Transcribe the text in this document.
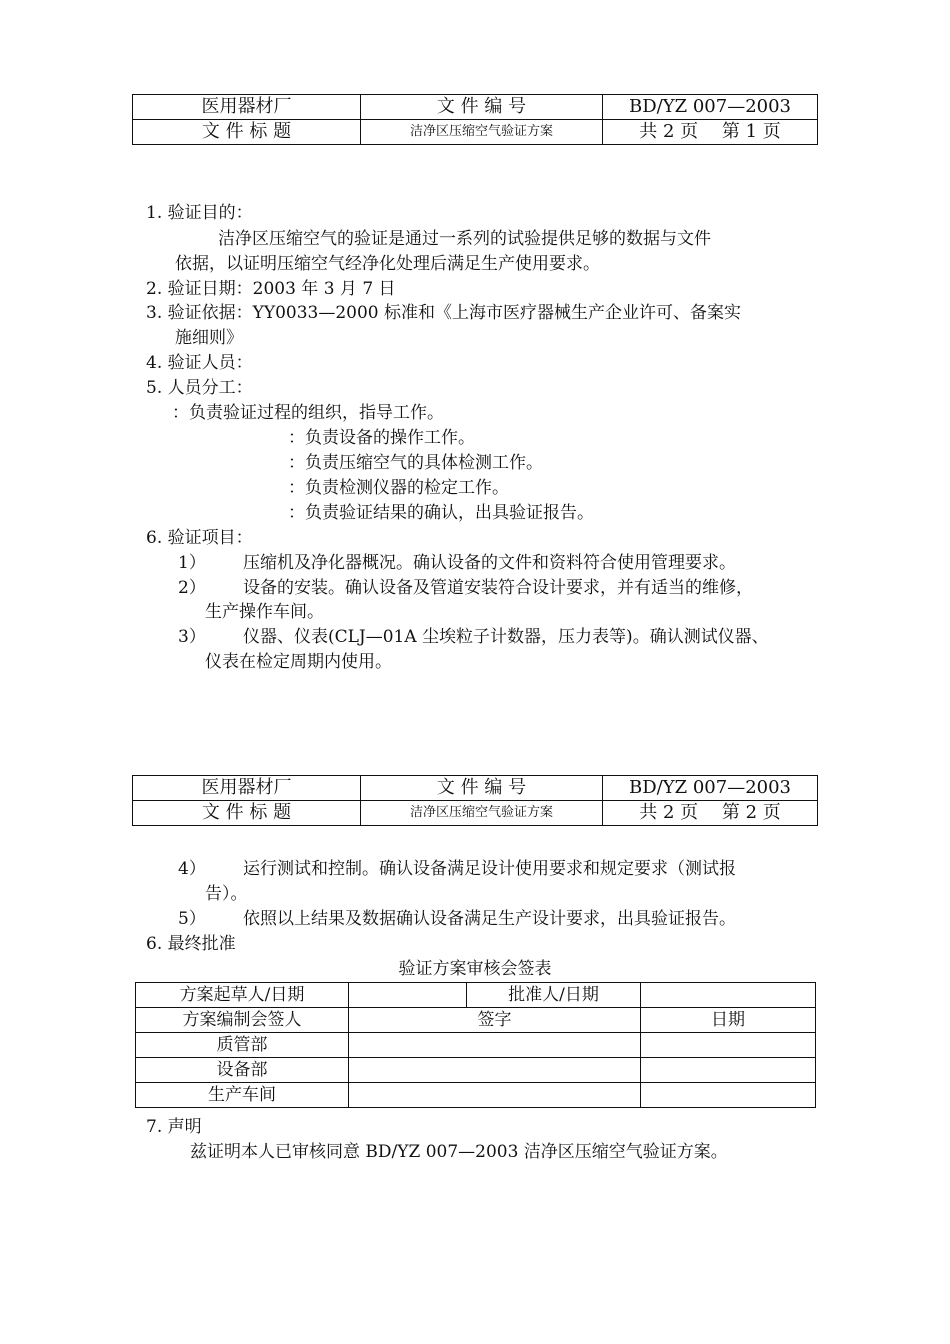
医用器材厂	文 件 编 号	BD/YZ 007—2003
文 件 标 题	洁净区压缩空气验证方案	共 2 页　 第 1 页
1. 验证目的：
洁净区压缩空气的验证是通过一系列的试验提供足够的数据与文件
依据，以证明压缩空气经净化处理后满足生产使用要求。
2. 验证日期：2003 年 3 月 7 日
3. 验证依据：YY0033—2000 标准和《上海市医疗器械生产企业许可、备案实
施细则》
4. 验证人员：
5. 人员分工：
：负责验证过程的组织，指导工作。
：负责设备的操作工作。
：负责压缩空气的具体检测工作。
：负责检测仪器的检定工作。
：负责验证结果的确认，出具验证报告。
6. 验证项目：
1） 压缩机及净化器概况。确认设备的文件和资料符合使用管理要求。
2） 设备的安装。确认设备及管道安装符合设计要求，并有适当的维修，
生产操作车间。
3） 仪器、仪表(CLJ—01A 尘埃粒子计数器，压力表等)。确认测试仪器、
仪表在检定周期内使用。
医用器材厂	文 件 编 号	BD/YZ 007—2003
文 件 标 题	洁净区压缩空气验证方案	共 2 页　 第 2 页
4） 运行测试和控制。确认设备满足设计使用要求和规定要求（测试报
告）。
5） 依照以上结果及数据确认设备满足生产设计要求，出具验证报告。
6. 最终批准
验证方案审核会签表
方案起草人/日期		批准人/日期	
方案编制会签人	签字		日期
质管部			
设备部			
生产车间			
7. 声明
兹证明本人已审核同意 BD/YZ 007—2003 洁净区压缩空气验证方案。
